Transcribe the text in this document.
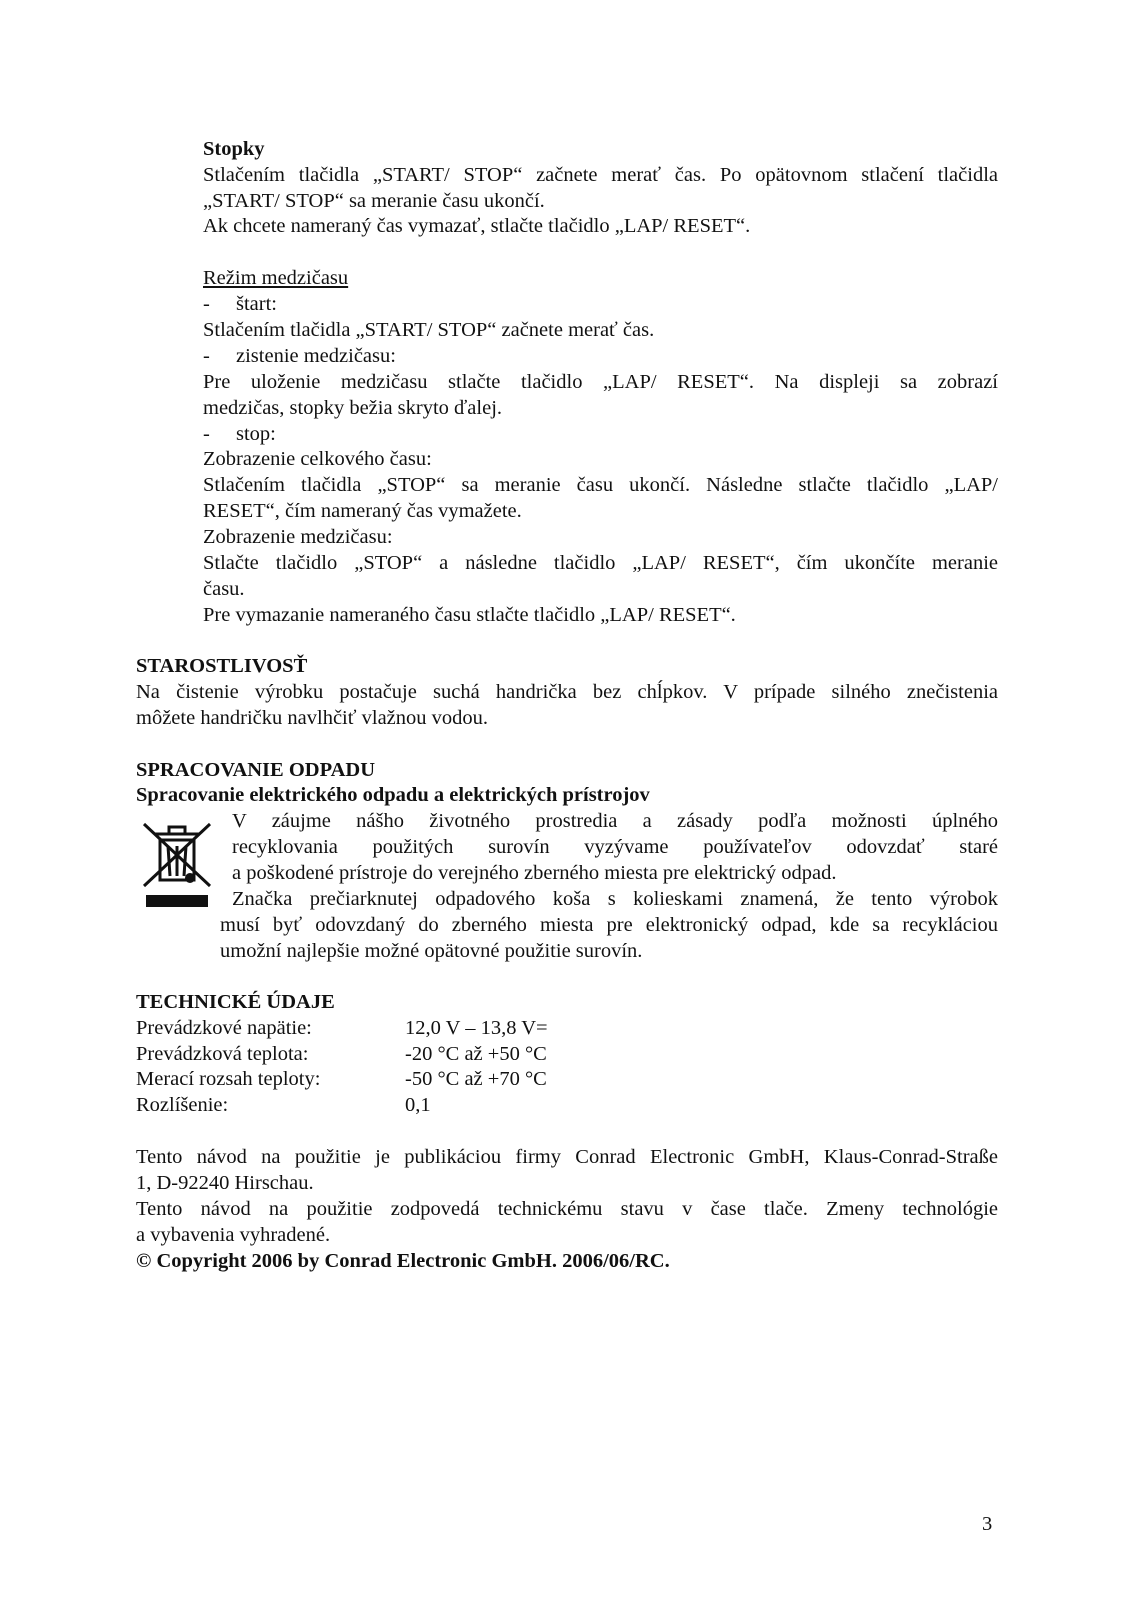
Stopky
Stlačením tlačidla „START/ STOP“ začnete merať čas. Po opätovnom stlačení tlačidla
„START/ STOP“ sa meranie času ukončí.
Ak chcete nameraný čas vymazať, stlačte tlačidlo „LAP/ RESET“.
Režim medzičasu
- štart:
Stlačením tlačidla „START/ STOP“ začnete merať čas.
- zistenie medzičasu:
Pre uloženie medzičasu stlačte tlačidlo „LAP/ RESET“. Na displeji sa zobrazí
medzičas, stopky bežia skryto ďalej.
- stop:
Zobrazenie celkového času:
Stlačením tlačidla „STOP“ sa meranie času ukončí. Následne stlačte tlačidlo „LAP/
RESET“, čím nameraný čas vymažete.
Zobrazenie medzičasu:
Stlačte tlačidlo „STOP“ a následne tlačidlo „LAP/ RESET“, čím ukončíte meranie
času.
Pre vymazanie nameraného času stlačte tlačidlo „LAP/ RESET“.
STAROSTLIVOSŤ
Na čistenie výrobku postačuje suchá handrička bez chĺpkov. V prípade silného znečistenia
môžete handričku navlhčiť vlažnou vodou.
SPRACOVANIE ODPADU
Spracovanie elektrického odpadu a elektrických prístrojov
V záujme nášho životného prostredia a zásady podľa možnosti úplného
recyklovania použitých surovín vyzývame používateľov odovzdať staré
a poškodené prístroje do verejného zberného miesta pre elektrický odpad.
Značka prečiarknutej odpadového koša s kolieskami znamená, že tento výrobok
musí byť odovzdaný do zberného miesta pre elektronický odpad, kde sa recykláciou
umožní najlepšie možné opätovné použitie surovín.
TECHNICKÉ ÚDAJE
Prevádzkové napätie:	12,0 V – 13,8 V=
Prevádzková teplota:	-20 °C až +50 °C
Merací rozsah teploty:	-50 °C až +70 °C
Rozlíšenie:	0,1
Tento návod na použitie je publikáciou firmy Conrad Electronic GmbH, Klaus-Conrad-Straße
1, D-92240 Hirschau.
Tento návod na použitie zodpovedá technickému stavu v čase tlače. Zmeny technológie
a vybavenia vyhradené.
© Copyright 2006 by Conrad Electronic GmbH. 2006/06/RC.
3
